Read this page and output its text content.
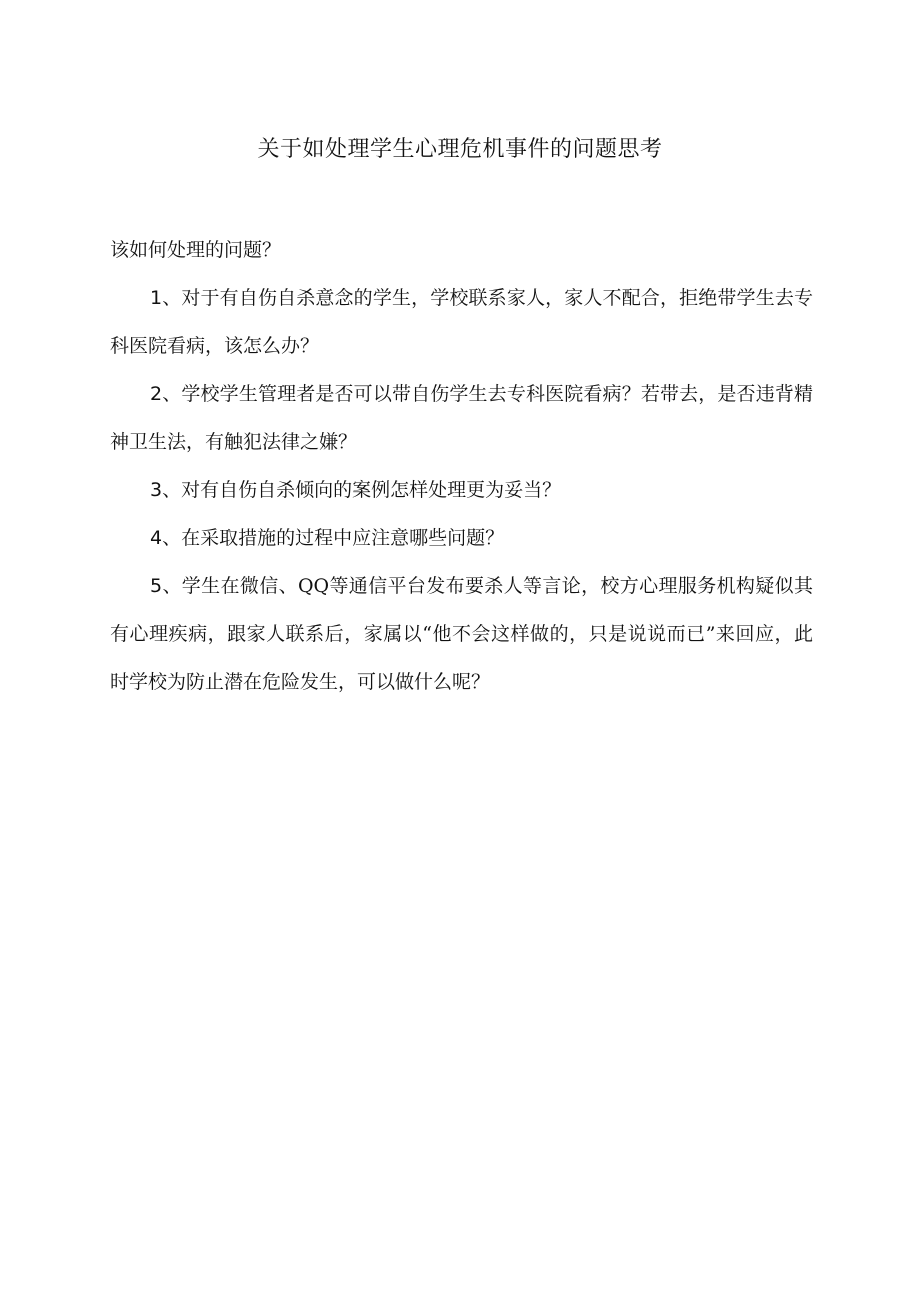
关于如处理学生心理危机事件的问题思考

该如何处理的问题？

1、对于有自伤自杀意念的学生，学校联系家人，家人不配合，拒绝带学生去专科医院看病，该怎么办？

2、学校学生管理者是否可以带自伤学生去专科医院看病？若带去，是否违背精神卫生法，有触犯法律之嫌？

3、对有自伤自杀倾向的案例怎样处理更为妥当？

4、在采取措施的过程中应注意哪些问题？

5、学生在微信、QQ等通信平台发布要杀人等言论，校方心理服务机构疑似其有心理疾病，跟家人联系后，家属以“他不会这样做的，只是说说而已”来回应，此时学校为防止潜在危险发生，可以做什么呢？
